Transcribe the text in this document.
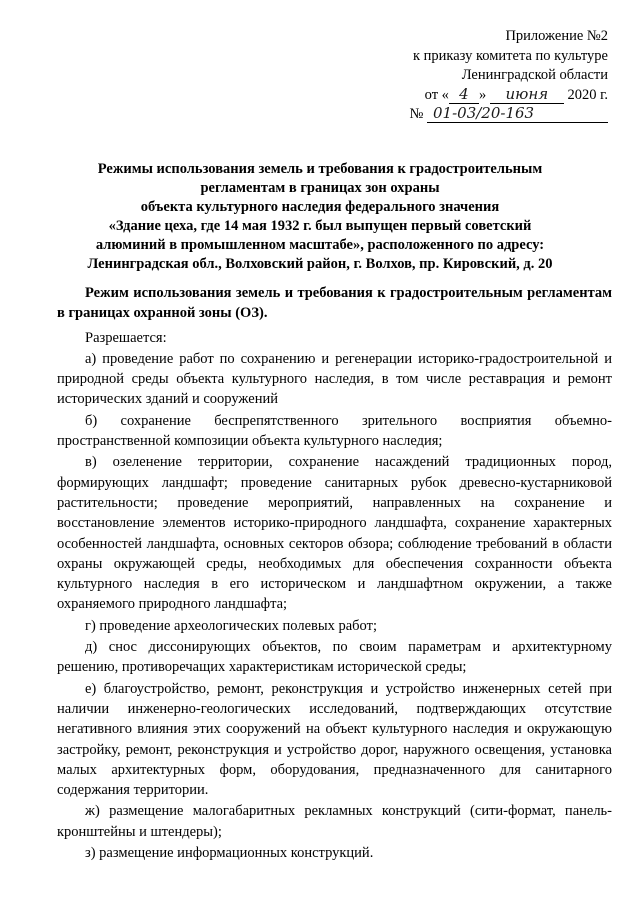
Приложение №2
к приказу комитета по культуре
Ленинградской области
от « 4 » июня 2020 г.
№ 01-03/20-163
Режимы использования земель и требования к градостроительным
регламентам в границах зон охраны
объекта культурного наследия федерального значения
«Здание цеха, где 14 мая 1932 г. был выпущен первый советский
алюминий в промышленном масштабе», расположенного по адресу:
Ленинградская обл., Волховский район, г. Волхов, пр. Кировский, д. 20

Режим использования земель и требования к градостроительным регламентам в границах охранной зоны (ОЗ).

Разрешается:

а) проведение работ по сохранению и регенерации историко-градостроительной и природной среды объекта культурного наследия, в том числе реставрация и ремонт исторических зданий и сооружений

б) сохранение беспрепятственного зрительного восприятия объемно-пространственной композиции объекта культурного наследия;

в) озеленение территории, сохранение насаждений традиционных пород, формирующих ландшафт; проведение санитарных рубок древесно-кустарниковой растительности; проведение мероприятий, направленных на сохранение и восстановление элементов историко-природного ландшафта, сохранение характерных особенностей ландшафта, основных секторов обзора; соблюдение требований в области охраны окружающей среды, необходимых для обеспечения сохранности объекта культурного наследия в его историческом и ландшафтном окружении, а также охраняемого природного ландшафта;

г) проведение археологических полевых работ;

д) снос диссонирующих объектов, по своим параметрам и архитектурному решению, противоречащих характеристикам исторической среды;

е) благоустройство, ремонт, реконструкция и устройство инженерных сетей при наличии инженерно-геологических исследований, подтверждающих отсутствие негативного влияния этих сооружений на объект культурного наследия и окружающую застройку, ремонт, реконструкция и устройство дорог, наружного освещения, установка малых архитектурных форм, оборудования, предназначенного для санитарного содержания территории.

ж) размещение малогабаритных рекламных конструкций (сити-формат, панель-кронштейны и штендеры);

з) размещение информационных конструкций.
